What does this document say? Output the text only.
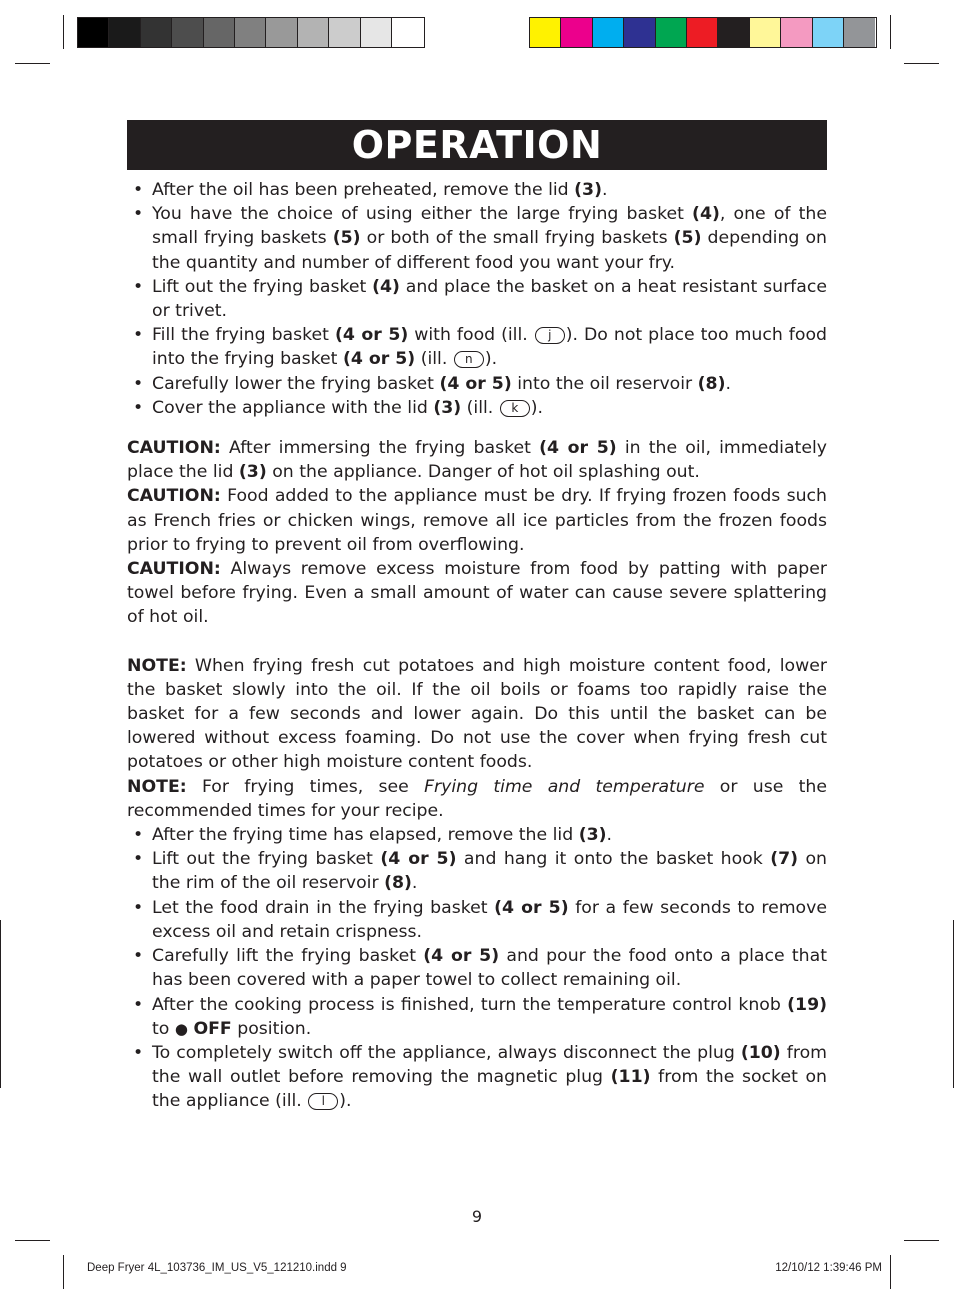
OPERATION
• After the oil has been preheated, remove the lid (3).
• You have the choice of using either the large frying basket (4), one of the small frying baskets (5) or both of the small frying baskets (5) depending on the quantity and number of different food you want your fry.
• Lift out the frying basket (4) and place the basket on a heat resistant surface or trivet.
• Fill the frying basket (4 or 5) with food (ill. j ). Do not place too much food into the frying basket (4 or 5) (ill. n ).
• Carefully lower the frying basket (4 or 5) into the oil reservoir (8).
• Cover the appliance with the lid (3) (ill. k ).

CAUTION: After immersing the frying basket (4 or 5) in the oil, immediately place the lid (3) on the appliance. Danger of hot oil splashing out.

CAUTION: Food added to the appliance must be dry. If frying frozen foods such as French fries or chicken wings, remove all ice particles from the frozen foods prior to frying to prevent oil from overflowing.

CAUTION: Always remove excess moisture from food by patting with paper towel before frying. Even a small amount of water can cause severe splattering of hot oil.

NOTE: When frying fresh cut potatoes and high moisture content food, lower the basket slowly into the oil. If the oil boils or foams too rapidly raise the basket for a few seconds and lower again. Do this until the basket can be lowered without excess foaming. Do not use the cover when frying fresh cut potatoes or other high moisture content foods.

NOTE: For frying times, see Frying time and temperature or use the recommended times for your recipe.

• After the frying time has elapsed, remove the lid (3).
• Lift out the frying basket (4 or 5) and hang it onto the basket hook (7) on the rim of the oil reservoir (8).
• Let the food drain in the frying basket (4 or 5) for a few seconds to remove excess oil and retain crispness.
• Carefully lift the frying basket (4 or 5) and pour the food onto a place that has been covered with a paper towel to collect remaining oil.
• After the cooking process is finished, turn the temperature control knob (19) to ● OFF position.
• To completely switch off the appliance, always disconnect the plug (10) from the wall outlet before removing the magnetic plug (11) from the socket on the appliance (ill. l ).
9
Deep Fryer 4L_103736_IM_US_V5_121210.indd 9	12/10/12 1:39:46 PM
